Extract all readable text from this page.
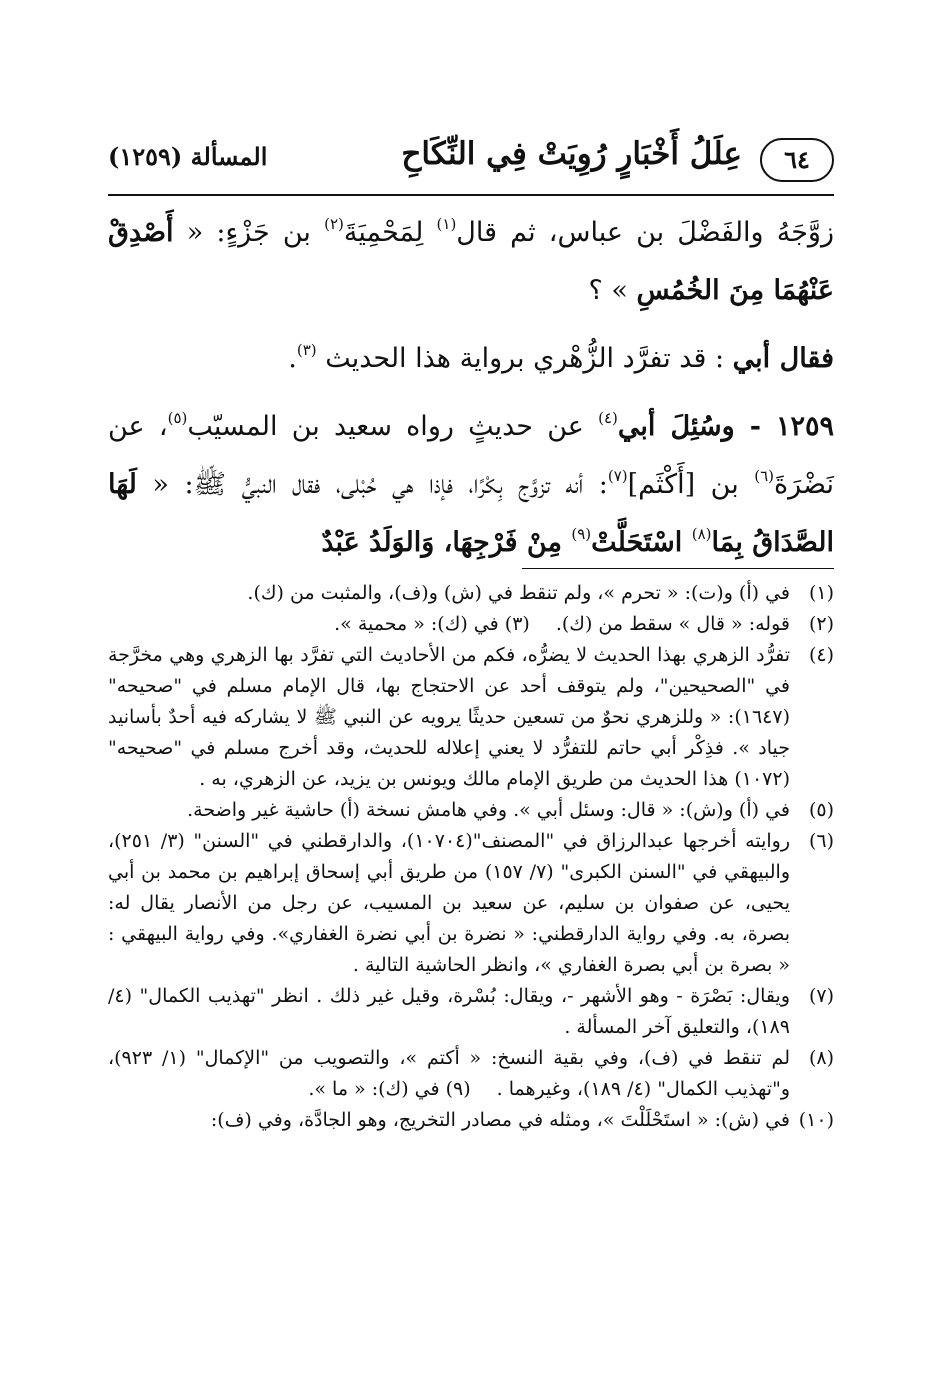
٦٤
عِلَلُ أَخْبَارٍ رُوِيَتْ فِي النِّكَاحِ
المسألة (١٢٥٩)

زوَّجَهُ والفَضْلَ بن عباس، ثم قال$^{(١)}$ لِمَحْمِيَةَ$^{(٢)}$ بن جَزْءٍ: « أَصْدِقْ عَنْهُمَا مِنَ الخُمُسِ » ؟

فقال أبي : قد تفرَّد الزُّهْري برواية هذا الحديث $^{(٣)}$.

١٢٥٩ - وسُئِلَ أبي$^{(٤)}$ عن حديثٍ رواه سعيد بن المسيّب$^{(٥)}$، عن نَضْرَةَ$^{(٦)}$ بن [أَكْثَم]$^{(٧)}$: أنه تزوَّج بِكْرًا، فإذا هي حُبْلى، فقال النبيُّ ﷺ: « لَهَا الصَّدَاقُ بِمَا$^{(٨)}$ اسْتَحَلَّتْ$^{(٩)}$ مِنْ فَرْجِهَا، وَالوَلَدُ عَبْدٌ

(١)
في (أ) و(ت): « تحرم »، ولم تنقط في (ش) و(ف)، والمثبت من (ك).
(٢)
قوله: « قال » سقط من (ك).(٣) في (ك): « محمية ».
(٤)
تفرُّد الزهري بهذا الحديث لا يضرُّه، فكم من الأحاديث التي تفرَّد بها الزهري وهي مخرَّجة في "الصحيحين"، ولم يتوقف أحد عن الاحتجاج بها، قال الإمام مسلم في "صحيحه" (١٦٤٧): « وللزهري نحوٌ من تسعين حديثًا يرويه عن النبي ﷺ لا يشاركه فيه أحدٌ بأسانيد جياد ». فذِكْر أبي حاتم للتفرُّد لا يعني إعلاله للحديث، وقد أخرج مسلم في "صحيحه" (١٠٧٢) هذا الحديث من طريق الإمام مالك ويونس بن يزيد، عن الزهري، به .
(٥)
في (أ) و(ش): « قال: وسئل أبي ». وفي هامش نسخة (أ) حاشية غير واضحة.
(٦)
روايته أخرجها عبدالرزاق في "المصنف"(١٠٧٠٤)، والدارقطني في "السنن" (٣/ ٢٥١)، والبيهقي في "السنن الكبرى" (٧/ ١٥٧) من طريق أبي إسحاق إبراهيم بن محمد بن أبي يحيى، عن صفوان بن سليم، عن سعيد بن المسيب، عن رجل من الأنصار يقال له: بصرة، به. وفي رواية الدارقطني: « نضرة بن أبي نضرة الغفاري». وفي رواية البيهقي : « بصرة بن أبي بصرة الغفاري »، وانظر الحاشية التالية .
(٧)
ويقال: بَصْرَة - وهو الأشهر -، ويقال: بُسْرة، وقيل غير ذلك . انظر "تهذيب الكمال" (٤/ ١٨٩)، والتعليق آخر المسألة .
(٨)
لم تنقط في (ف)، وفي بقية النسخ: « أكتم »، والتصويب من "الإكمال" (١/ ٩٢٣)، و"تهذيب الكمال" (٤/ ١٨٩)، وغيرهما .(٩) في (ك): « ما ».
(١٠)
في (ش): « استَحْلَلْتَ »، ومثله في مصادر التخريج، وهو الجادَّة، وفي (ف):
